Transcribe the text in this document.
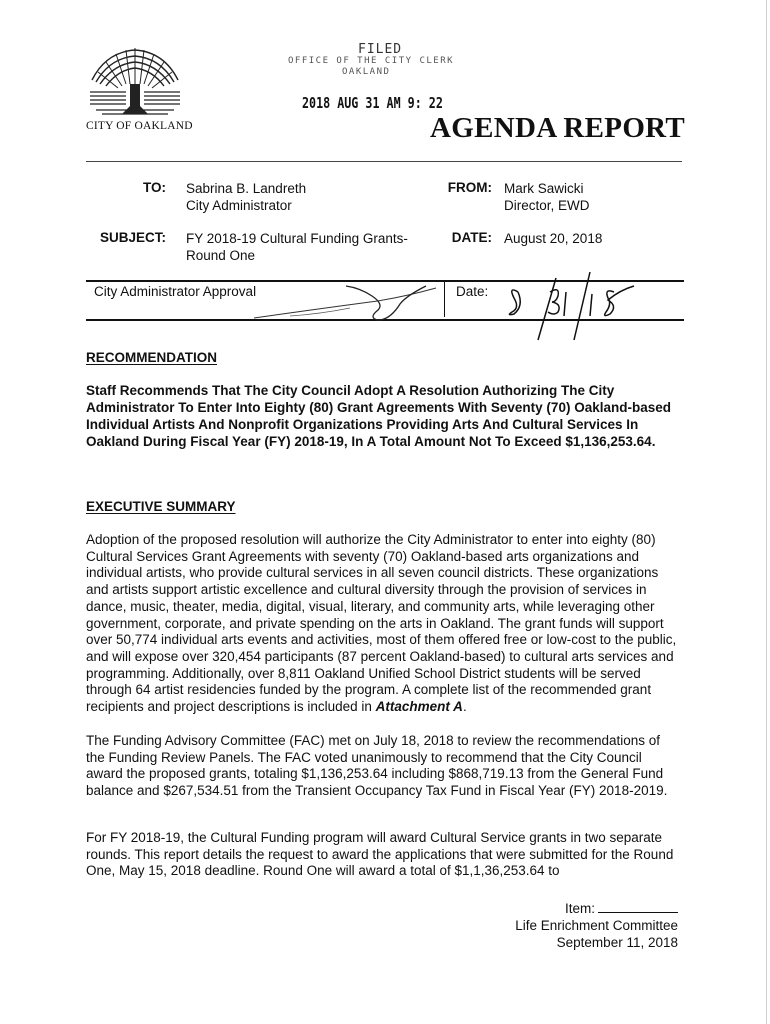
CITY OF OAKLAND
FILED
OFFICE OF THE CITY CLERK
OAKLAND
2018 AUG 31 AM 9: 22
AGENDA REPORT
TO: Sabrina B. Landreth
City Administrator
FROM: Mark Sawicki
Director, EWD
SUBJECT: FY 2018-19 Cultural Funding Grants-
Round One
DATE: August 20, 2018
City Administrator Approval	Date:
RECOMMENDATION
Staff Recommends That The City Council Adopt A Resolution Authorizing The City Administrator To Enter Into Eighty (80) Grant Agreements With Seventy (70) Oakland-based Individual Artists And Nonprofit Organizations Providing Arts And Cultural Services In Oakland During Fiscal Year (FY) 2018-19, In A Total Amount Not To Exceed $1,136,253.64.
EXECUTIVE SUMMARY
Adoption of the proposed resolution will authorize the City Administrator to enter into eighty (80) Cultural Services Grant Agreements with seventy (70) Oakland-based arts organizations and individual artists, who provide cultural services in all seven council districts. These organizations and artists support artistic excellence and cultural diversity through the provision of services in dance, music, theater, media, digital, visual, literary, and community arts, while leveraging other government, corporate, and private spending on the arts in Oakland. The grant funds will support over 50,774 individual arts events and activities, most of them offered free or low-cost to the public, and will expose over 320,454 participants (87 percent Oakland-based) to cultural arts services and programming. Additionally, over 8,811 Oakland Unified School District students will be served through 64 artist residencies funded by the program. A complete list of the recommended grant recipients and project descriptions is included in Attachment A.
The Funding Advisory Committee (FAC) met on July 18, 2018 to review the recommendations of the Funding Review Panels. The FAC voted unanimously to recommend that the City Council award the proposed grants, totaling $1,136,253.64 including $868,719.13 from the General Fund balance and $267,534.51 from the Transient Occupancy Tax Fund in Fiscal Year (FY) 2018-2019.
For FY 2018-19, the Cultural Funding program will award Cultural Service grants in two separate rounds. This report details the request to award the applications that were submitted for the Round One, May 15, 2018 deadline. Round One will award a total of $1,1,36,253.64 to
Item:
Life Enrichment Committee
September 11, 2018
